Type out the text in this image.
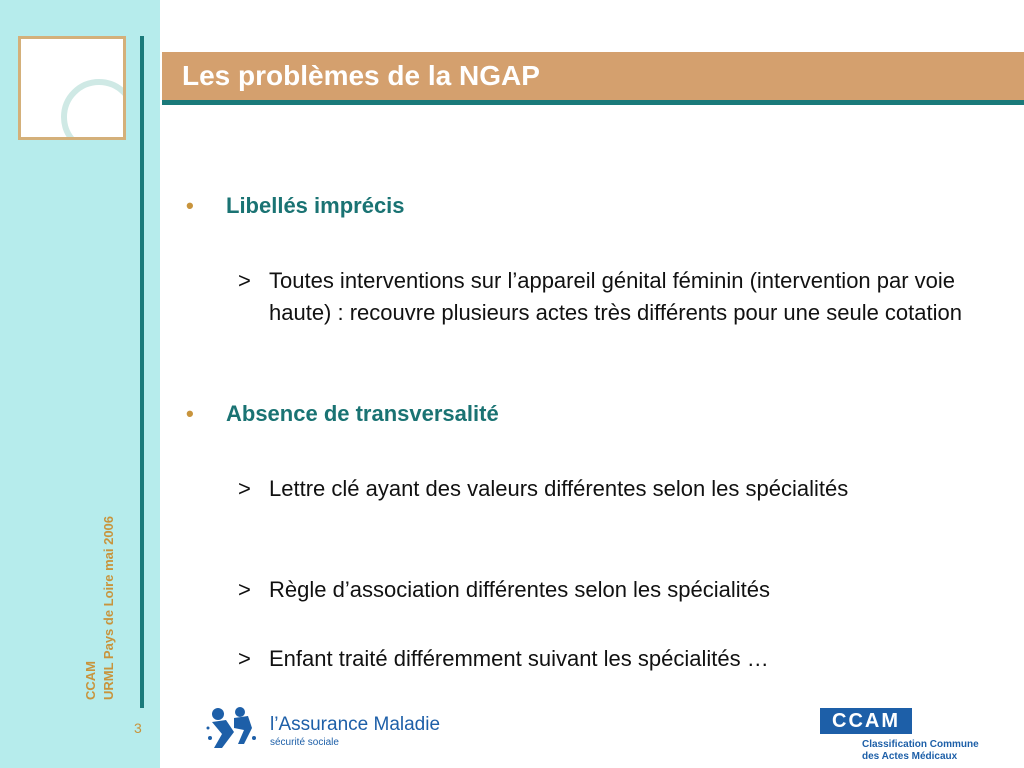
CCAM URML Pays de Loire mai 2006
3
Les problèmes de la NGAP
• Libellés imprécis
> Toutes interventions sur l’appareil génital féminin (intervention par voie haute) : recouvre plusieurs actes très différents pour une seule cotation
• Absence de transversalité
> Lettre clé ayant des valeurs différentes selon les spécialités
> Règle d’association différentes selon les spécialités
> Enfant traité différemment suivant les spécialités …
l’Assurance Maladie
sécurité sociale
CCAM
Classification Commune
des Actes Médicaux
